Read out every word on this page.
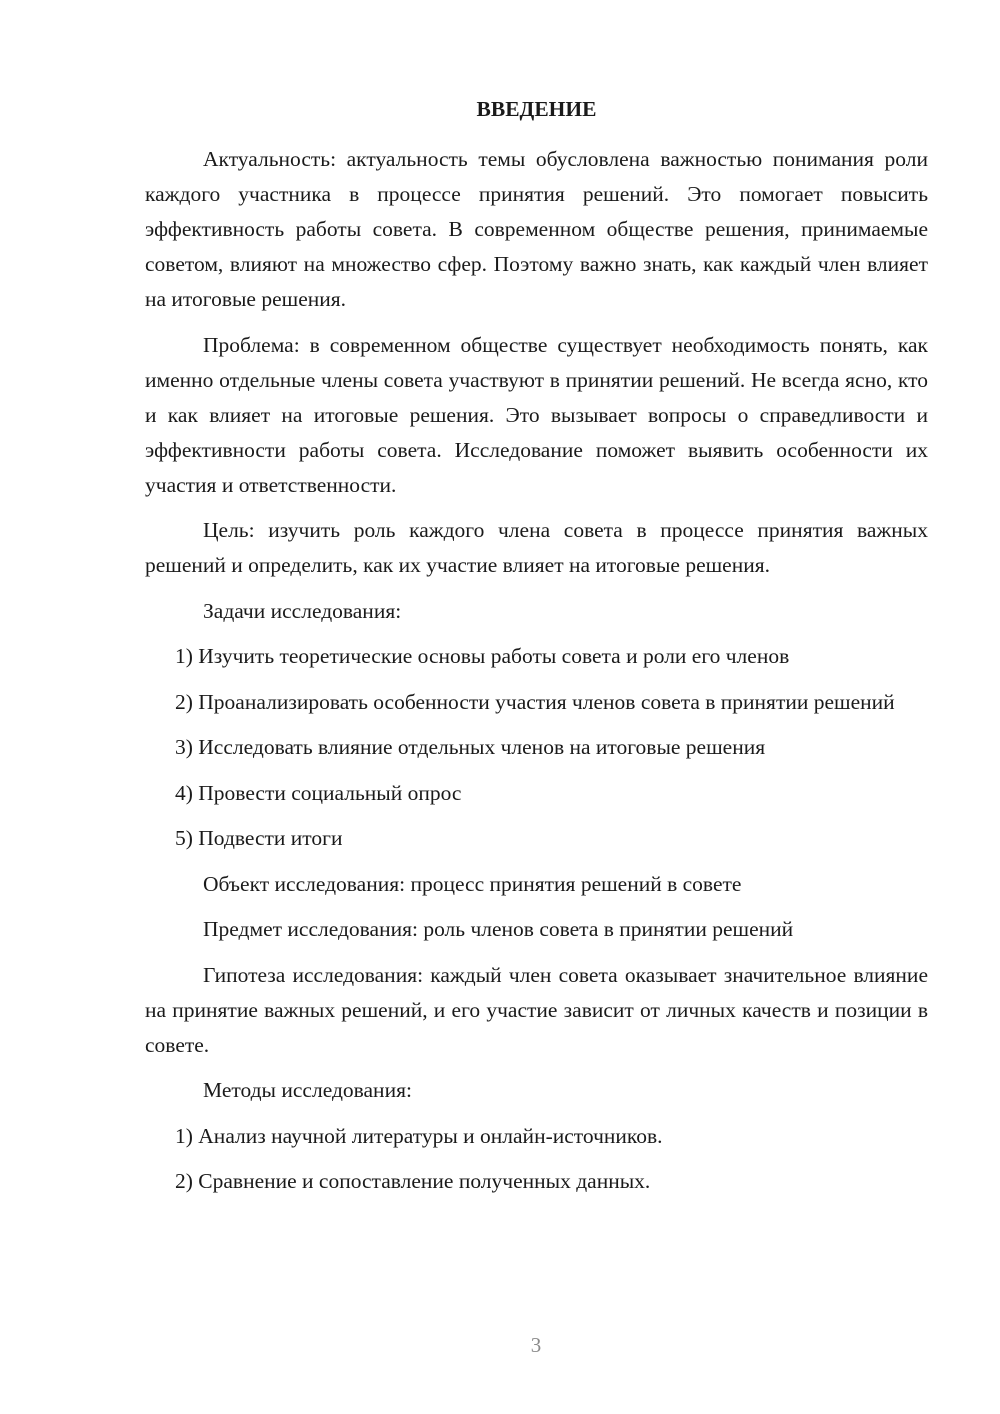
ВВЕДЕНИЕ

Актуальность: актуальность темы обусловлена важностью понимания роли каждого участника в процессе принятия решений. Это помогает повысить эффективность работы совета. В современном обществе решения, принимаемые советом, влияют на множество сфер. Поэтому важно знать, как каждый член влияет на итоговые решения.

Проблема: в современном обществе существует необходимость понять, как именно отдельные члены совета участвуют в принятии решений. Не всегда ясно, кто и как влияет на итоговые решения. Это вызывает вопросы о справедливости и эффективности работы совета. Исследование поможет выявить особенности их участия и ответственности.

Цель: изучить роль каждого члена совета в процессе принятия важных решений и определить, как их участие влияет на итоговые решения.

Задачи исследования:

1) Изучить теоретические основы работы совета и роли его членов

2) Проанализировать особенности участия членов совета в принятии решений

3) Исследовать влияние отдельных членов на итоговые решения

4) Провести социальный опрос

5) Подвести итоги

Объект исследования: процесс принятия решений в совете

Предмет исследования: роль членов совета в принятии решений

Гипотеза исследования: каждый член совета оказывает значительное влияние на принятие важных решений, и его участие зависит от личных качеств и позиции в совете.

Методы исследования:

1) Анализ научной литературы и онлайн-источников.

2) Сравнение и сопоставление полученных данных.

3
